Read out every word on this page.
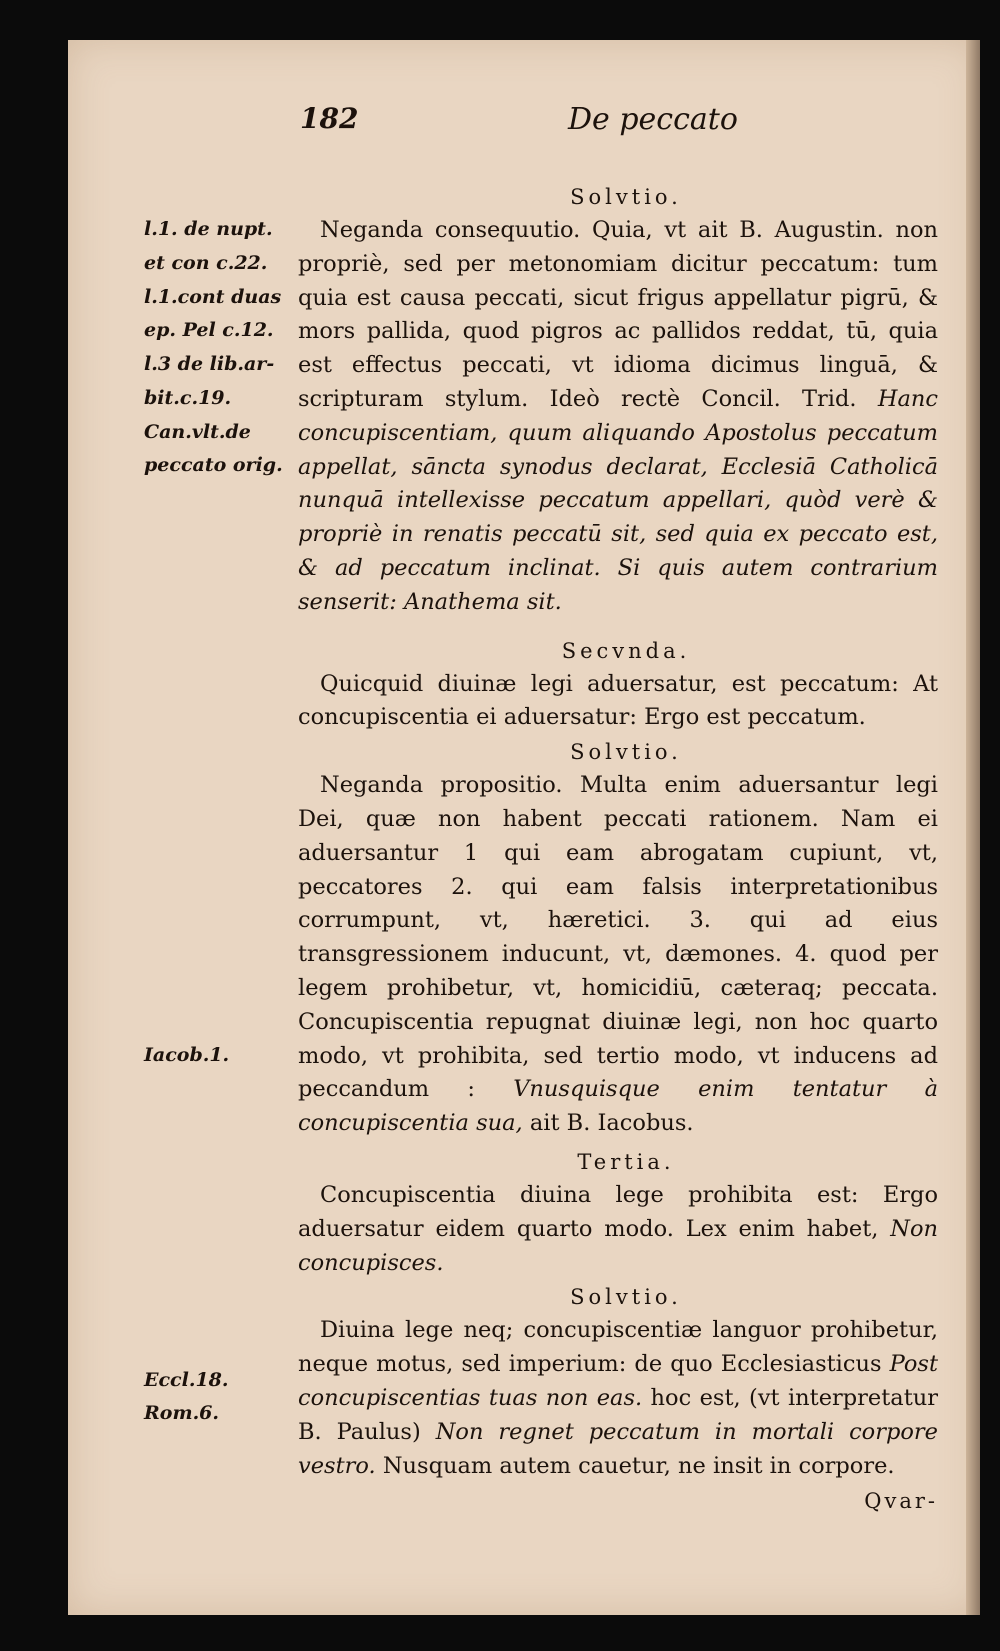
182	De peccato
l.1. de nupt.
et con c.22.
l.1.cont duas
ep. Pel c.12.
l.3 de lib.ar-
bit.c.19.
Can.vlt.de
peccato orig.
Iacob.1.
Eccl.18.
Rom.6.
Solvtio.

Neganda consequutio. Quia, vt ait B. Augustin. non propriè, sed per metonomiam dicitur peccatum: tum quia est causa peccati, sicut frigus appellatur pigrū, & mors pallida, quod pigros ac pallidos reddat, tū, quia est effectus peccati, vt idioma dicimus linguā, & scripturam stylum. Ideò rectè Concil. Trid. Hanc concupiscentiam, quum aliquando Apostolus peccatum appellat, sāncta synodus declarat, Ecclesiā Catholicā nunquā intellexisse peccatum appellari, quòd verè & propriè in renatis peccatū sit, sed quia ex peccato est, & ad peccatum inclinat. Si quis autem contrarium senserit: Anathema sit.

Secvnda.

Quicquid diuinæ legi aduersatur, est peccatum: At concupiscentia ei aduersatur: Ergo est peccatum.

Solvtio.

Neganda propositio. Multa enim aduersantur legi Dei, quæ non habent peccati rationem. Nam ei aduersantur 1 qui eam abrogatam cupiunt, vt, peccatores 2. qui eam falsis interpretationibus corrumpunt, vt, hæretici. 3. qui ad eius transgressionem inducunt, vt, dæmones. 4. quod per legem prohibetur, vt, homicidiū, cæteraq; peccata. Concupiscentia repugnat diuinæ legi, non hoc quarto modo, vt prohibita, sed tertio modo, vt inducens ad peccandum : Vnusquisque enim tentatur à concupiscentia sua, ait B. Iacobus.

Tertia.

Concupiscentia diuina lege prohibita est: Ergo aduersatur eidem quarto modo. Lex enim habet, Non concupisces.

Solvtio.

Diuina lege neq; concupiscentiæ languor prohibetur, neque motus, sed imperium: de quo Ecclesiasticus Post concupiscentias tuas non eas. hoc est, (vt interpretatur B. Paulus) Non regnet peccatum in mortali corpore vestro. Nusquam autem cauetur, ne insit in corpore.

Qvar-
